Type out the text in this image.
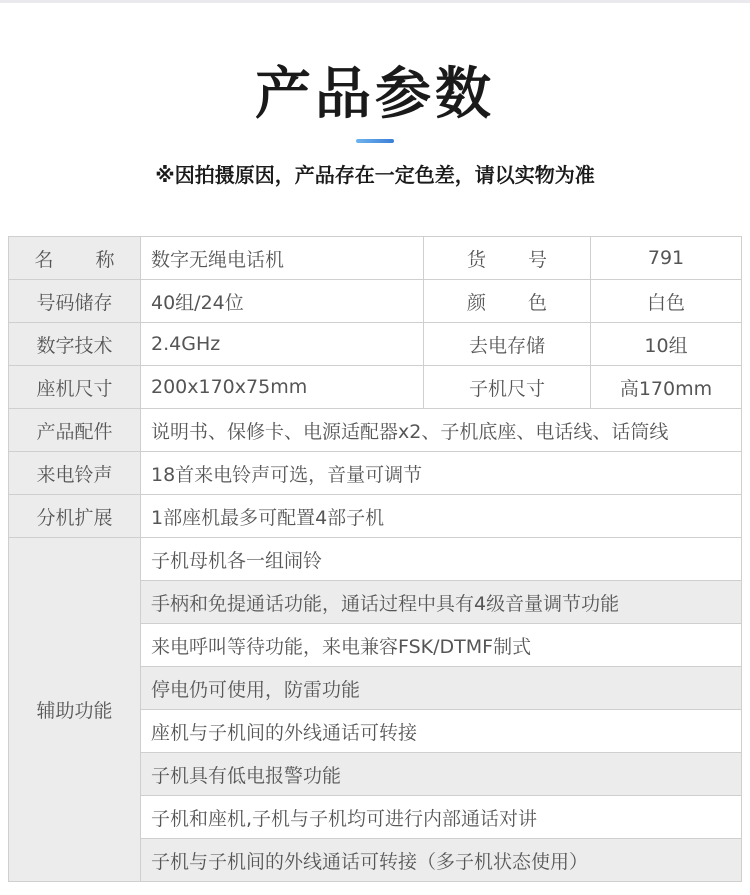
产品参数
※因拍摄原因，产品存在一定色差，请以实物为准
名 称	数字无绳电话机	货 号	791
号码储存	40组/24位	颜 色	白色
数字技术	2.4GHz	去电存储	10组
座机尺寸	200x170x75mm	子机尺寸	高170mm
产品配件	说明书、保修卡、电源适配器x2、子机底座、电话线、话筒线		
来电铃声	18首来电铃声可选，音量可调节		
分机扩展	1部座机最多可配置4部子机		
辅助功能	子机母机各一组闹铃		
	手柄和免提通话功能，通话过程中具有4级音量调节功能		
	来电呼叫等待功能，来电兼容FSK/DTMF制式		
	停电仍可使用，防雷功能		
	座机与子机间的外线通话可转接		
	子机具有低电报警功能		
	子机和座机,子机与子机均可进行内部通话对讲		
	子机与子机间的外线通话可转接（多子机状态使用）		
